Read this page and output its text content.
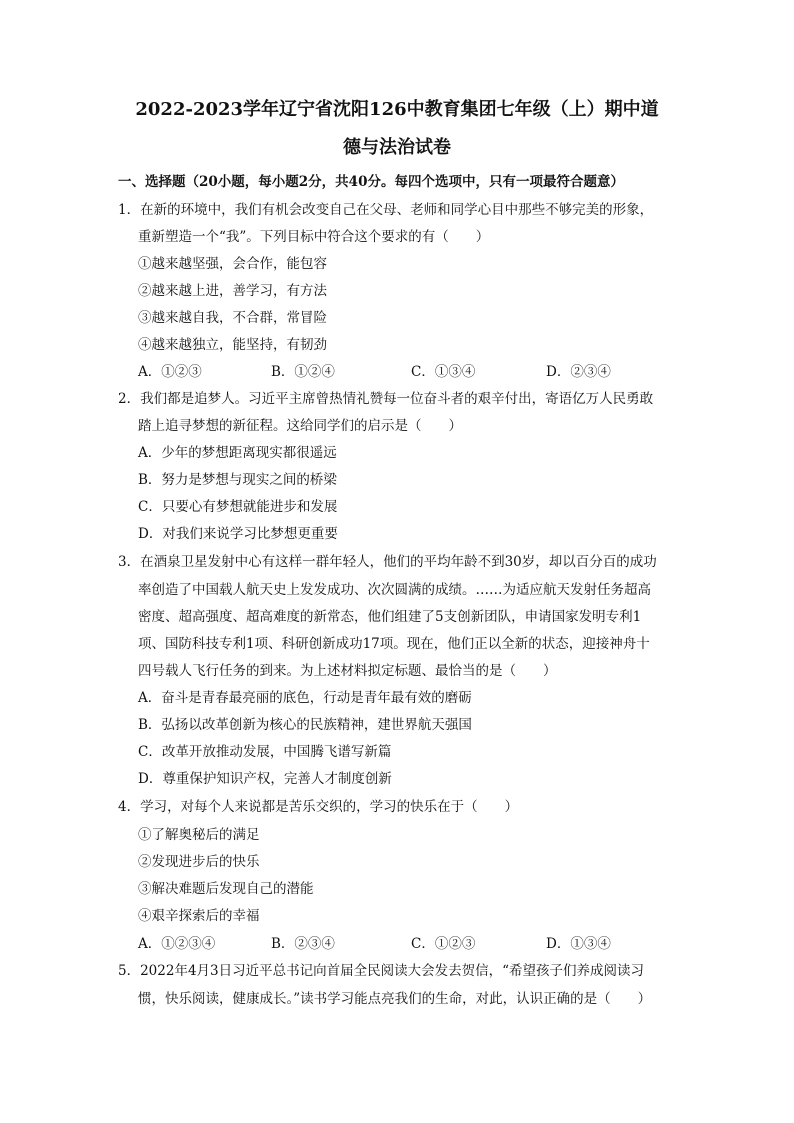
2022-2023学年辽宁省沈阳126中教育集团七年级（上）期中道
德与法治试卷
一、选择题（20小题，每小题2分，共40分。每四个选项中，只有一项最符合题意）
1．在新的环境中，我们有机会改变自己在父母、老师和同学心目中那些不够完美的形象，
重新塑造一个“我”。下列目标中符合这个要求的有（　　）
①越来越坚强，会合作，能包容
②越来越上进，善学习，有方法
③越来越自我，不合群，常冒险
④越来越独立，能坚持，有韧劲
A．①②③	B．①②④	C．①③④	D．②③④
2．我们都是追梦人。习近平主席曾热情礼赞每一位奋斗者的艰辛付出，寄语亿万人民勇敢
踏上追寻梦想的新征程。这给同学们的启示是（　　）
A．少年的梦想距离现实都很遥远
B．努力是梦想与现实之间的桥梁
C．只要心有梦想就能进步和发展
D．对我们来说学习比梦想更重要
3．在酒泉卫星发射中心有这样一群年轻人，他们的平均年龄不到30岁，却以百分百的成功
率创造了中国载人航天史上发发成功、次次圆满的成绩。……为适应航天发射任务超高
密度、超高强度、超高难度的新常态，他们组建了5支创新团队，申请国家发明专利1
项、国防科技专利1项、科研创新成功17项。现在，他们正以全新的状态，迎接神舟十
四号载人飞行任务的到来。为上述材料拟定标题、最恰当的是（　　）
A．奋斗是青春最亮丽的底色，行动是青年最有效的磨砺
B．弘扬以改革创新为核心的民族精神，建世界航天强国
C．改革开放推动发展，中国腾飞谱写新篇
D．尊重保护知识产权，完善人才制度创新
4．学习，对每个人来说都是苦乐交织的，学习的快乐在于（　　）
①了解奥秘后的满足
②发现进步后的快乐
③解决难题后发现自己的潜能
④艰辛探索后的幸福
A．①②③④	B．②③④	C．①②③	D．①③④
5．2022年4月3日习近平总书记向首届全民阅读大会发去贺信，“希望孩子们养成阅读习
惯，快乐阅读，健康成长。”读书学习能点亮我们的生命，对此，认识正确的是（　　）
